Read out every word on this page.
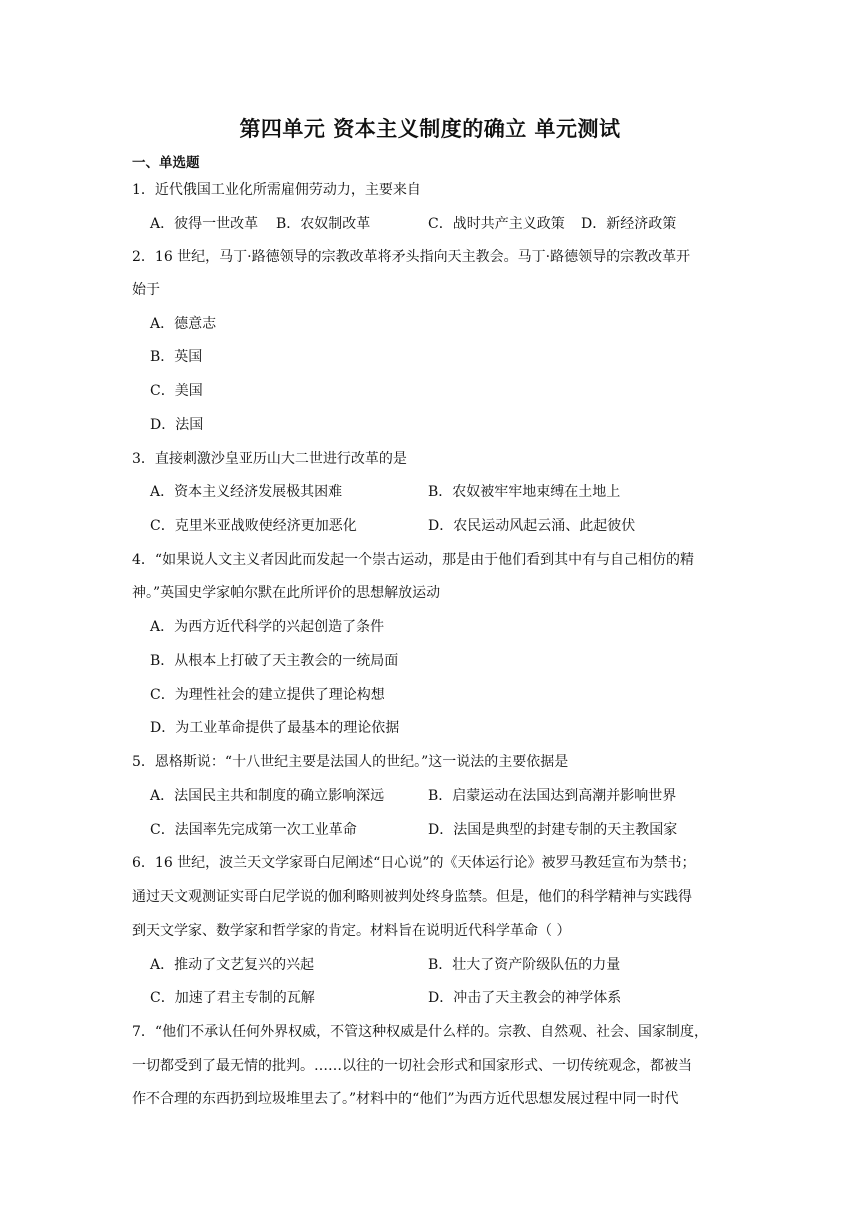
第四单元 资本主义制度的确立 单元测试
一、单选题
1．近代俄国工业化所需雇佣劳动力，主要来自
A．彼得一世改革 B．农奴制改革	C．战时共产主义政策 D．新经济政策
2．16 世纪，马丁·路德领导的宗教改革将矛头指向天主教会。马丁·路德领导的宗教改革开
始于
A．德意志
B．英国
C．美国
D．法国
3．直接刺激沙皇亚历山大二世进行改革的是
A．资本主义经济发展极其困难	B．农奴被牢牢地束缚在土地上
C．克里米亚战败使经济更加恶化	D．农民运动风起云涌、此起彼伏
4．“如果说人文主义者因此而发起一个崇古运动，那是由于他们看到其中有与自己相仿的精
神。”英国史学家帕尔默在此所评价的思想解放运动
A．为西方近代科学的兴起创造了条件
B．从根本上打破了天主教会的一统局面
C．为理性社会的建立提供了理论构想
D．为工业革命提供了最基本的理论依据
5．恩格斯说：“十八世纪主要是法国人的世纪。”这一说法的主要依据是
A．法国民主共和制度的确立影响深远	B．启蒙运动在法国达到高潮并影响世界
C．法国率先完成第一次工业革命	D．法国是典型的封建专制的天主教国家
6．16 世纪，波兰天文学家哥白尼阐述“日心说”的《天体运行论》被罗马教廷宣布为禁书；
通过天文观测证实哥白尼学说的伽利略则被判处终身监禁。但是，他们的科学精神与实践得
到天文学家、数学家和哲学家的肯定。材料旨在说明近代科学革命（ ）
A．推动了文艺复兴的兴起	B．壮大了资产阶级队伍的力量
C．加速了君主专制的瓦解	D．冲击了天主教会的神学体系
7．“他们不承认任何外界权威，不管这种权威是什么样的。宗教、自然观、社会、国家制度，
一切都受到了最无情的批判。……以往的一切社会形式和国家形式、一切传统观念，都被当
作不合理的东西扔到垃圾堆里去了。”材料中的“他们”为西方近代思想发展过程中同一时代
